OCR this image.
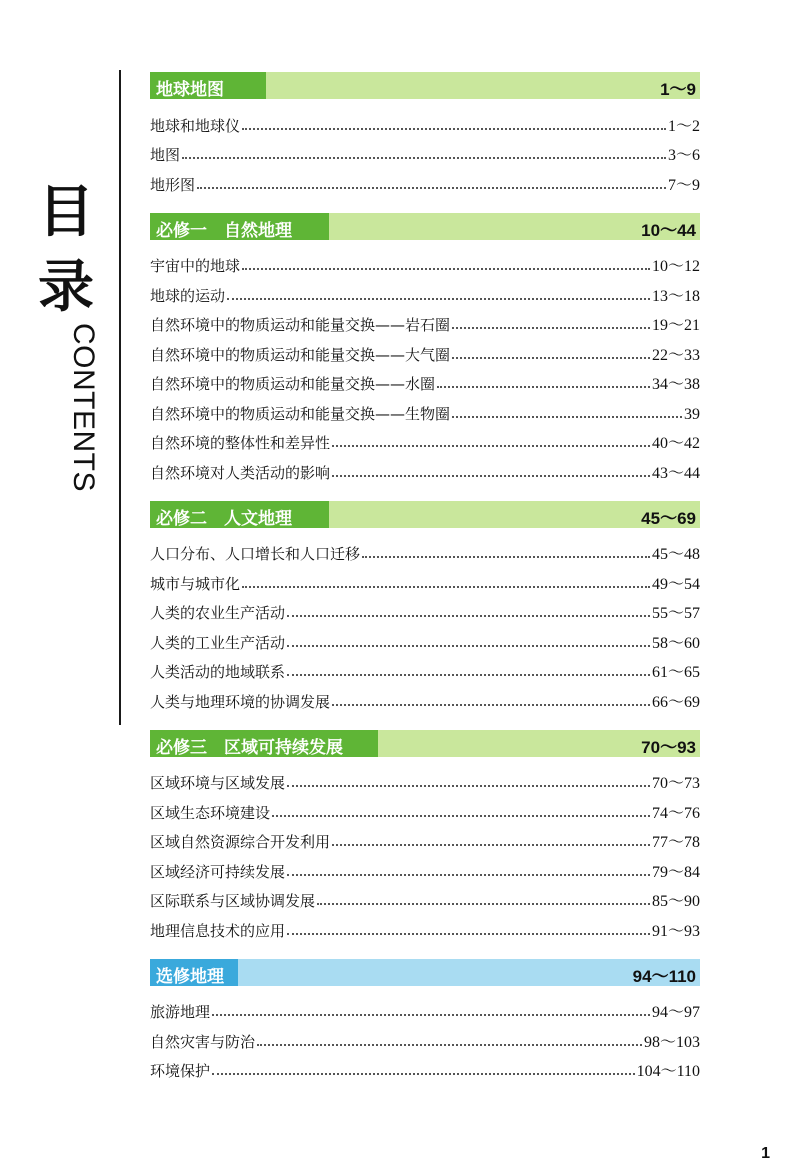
目
录
CONTENTS
地球地图	1～9
地球和地球仪	1～2
地图	3～6
地形图	7～9
必修一　自然地理	10～44
宇宙中的地球	10～12
地球的运动	13～18
自然环境中的物质运动和能量交换——岩石圈	19～21
自然环境中的物质运动和能量交换——大气圈	22～33
自然环境中的物质运动和能量交换——水圈	34～38
自然环境中的物质运动和能量交换——生物圈	39
自然环境的整体性和差异性	40～42
自然环境对人类活动的影响	43～44
必修二　人文地理	45～69
人口分布、人口增长和人口迁移	45～48
城市与城市化	49～54
人类的农业生产活动	55～57
人类的工业生产活动	58～60
人类活动的地域联系	61～65
人类与地理环境的协调发展	66～69
必修三　区域可持续发展	70～93
区域环境与区域发展	70～73
区域生态环境建设	74～76
区域自然资源综合开发利用	77～78
区域经济可持续发展	79～84
区际联系与区域协调发展	85～90
地理信息技术的应用	91～93
选修地理	94～110
旅游地理	94～97
自然灾害与防治	98～103
环境保护	104～110
1
